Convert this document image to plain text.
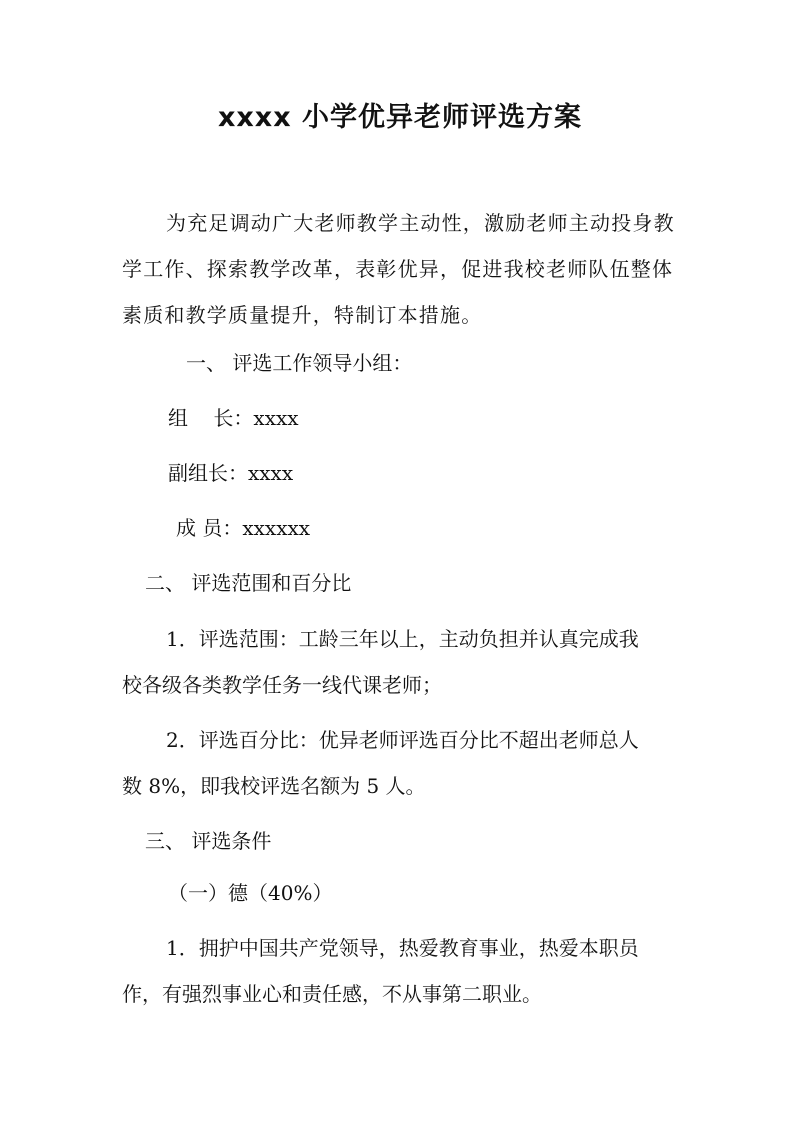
xxxx 小学优异老师评选方案

为充足调动广大老师教学主动性，激励老师主动投身教学工作、探索教学改革，表彰优异，促进我校老师队伍整体素质和教学质量提升，特制订本措施。

一、 评选工作领导小组：

组    长：xxxx

副组长：xxxx

成 员：xxxxxx

二、 评选范围和百分比

1．评选范围：工龄三年以上，主动负担并认真完成我

校各级各类教学任务一线代课老师；

2．评选百分比：优异老师评选百分比不超出老师总人

数 8%，即我校评选名额为 5 人。

三、 评选条件

（一）德（40%）

1．拥护中国共产党领导，热爱教育事业，热爱本职员

作，有强烈事业心和责任感，不从事第二职业。
